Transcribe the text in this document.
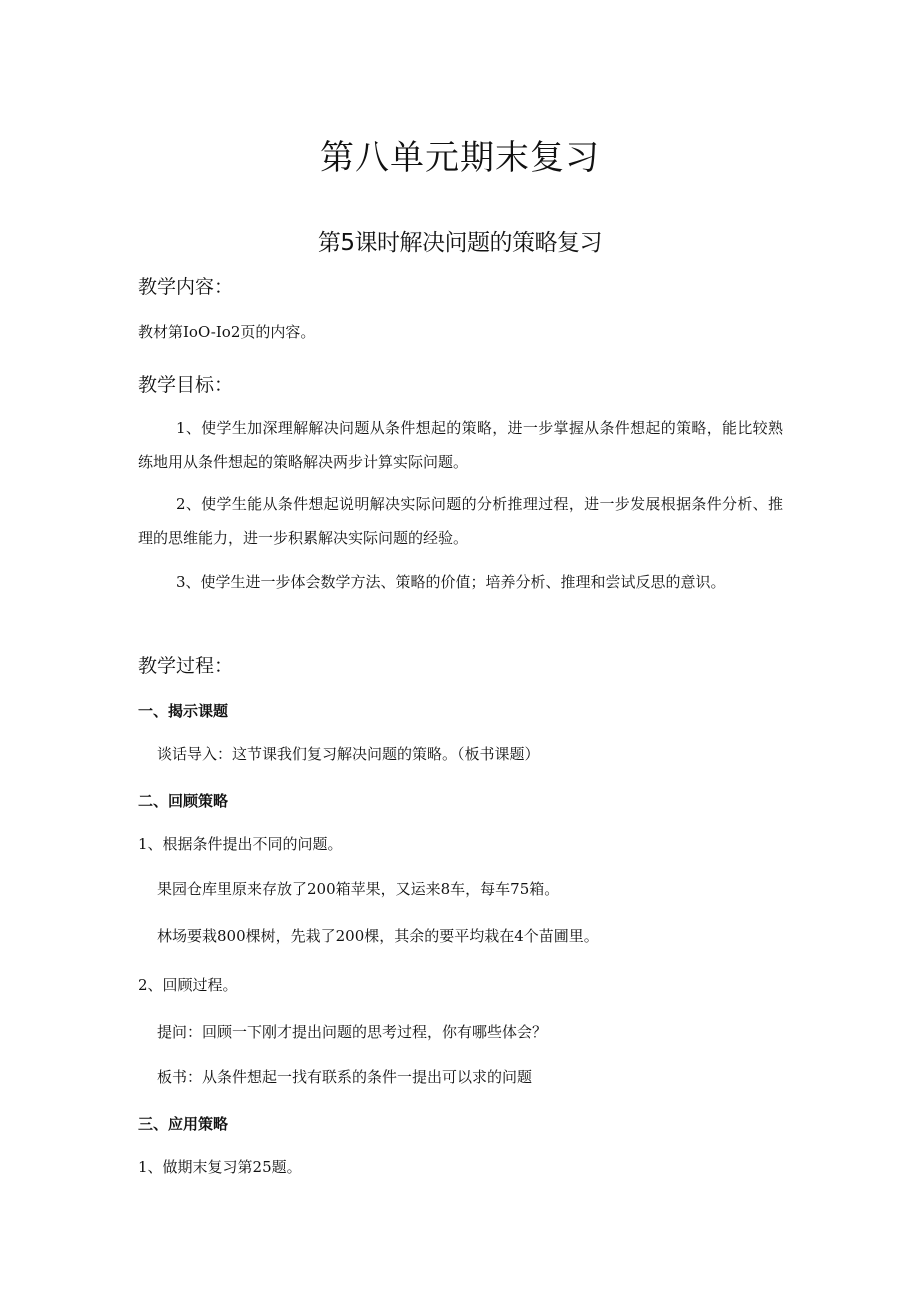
第八单元期末复习
第5课时解决问题的策略复习
教学内容：
教材第IoO-Io2页的内容。
教学目标：
1、使学生加深理解解决问题从条件想起的策略，进一步掌握从条件想起的策略，能比较熟练地用从条件想起的策略解决两步计算实际问题。
2、使学生能从条件想起说明解决实际问题的分析推理过程，进一步发展根据条件分析、推理的思维能力，进一步积累解决实际问题的经验。
3、使学生进一步体会数学方法、策略的价值；培养分析、推理和尝试反思的意识。
教学过程：
一、揭示课题
谈话导入：这节课我们复习解决问题的策略。（板书课题）
二、回顾策略
1、根据条件提出不同的问题。
果园仓库里原来存放了200箱苹果，又运来8车，每车75箱。
林场要栽800棵树，先栽了200棵，其余的要平均栽在4个苗圃里。
2、回顾过程。
提问：回顾一下刚才提出问题的思考过程，你有哪些体会？
板书：从条件想起一找有联系的条件一提出可以求的问题
三、应用策略
1、做期末复习第25题。
